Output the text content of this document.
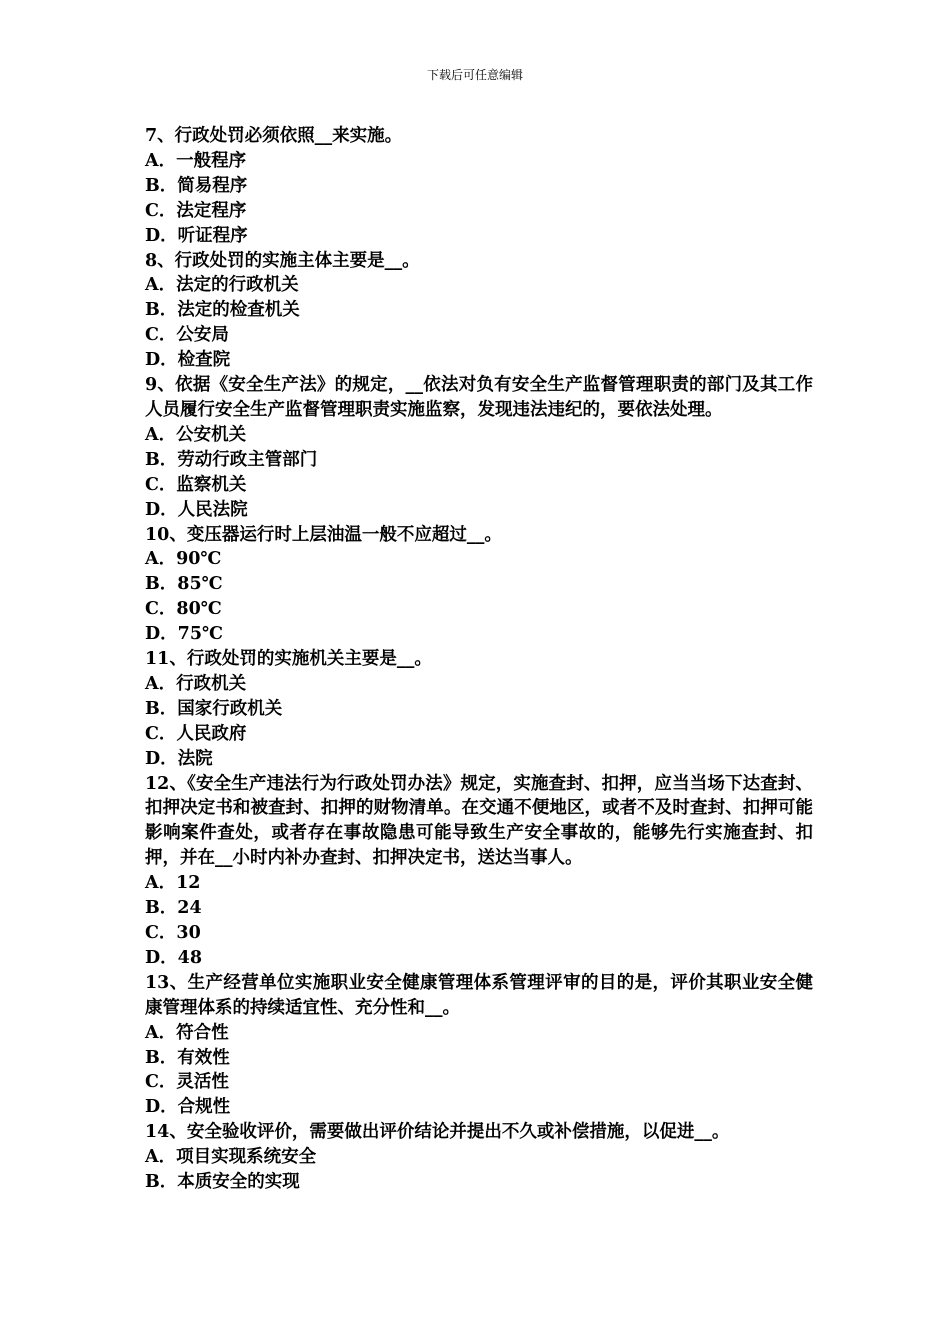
下载后可任意编辑

7、行政处罚必须依照__来实施。

A．一般程序

B．简易程序

C．法定程序

D．听证程序

8、行政处罚的实施主体主要是__。

A．法定的行政机关

B．法定的检查机关

C．公安局

D．检查院

9、依据《安全生产法》的规定，__依法对负有安全生产监督管理职责的部门及其工作人员履行安全生产监督管理职责实施监察，发现违法违纪的，要依法处理。

A．公安机关

B．劳动行政主管部门

C．监察机关

D．人民法院

10、变压器运行时上层油温一般不应超过__。

A．90℃

B．85℃

C．80℃

D．75℃

11、行政处罚的实施机关主要是__。

A．行政机关

B．国家行政机关

C．人民政府

D．法院

12、《安全生产违法行为行政处罚办法》规定，实施查封、扣押，应当当场下达查封、扣押决定书和被查封、扣押的财物清单。在交通不便地区，或者不及时查封、扣押可能影响案件查处，或者存在事故隐患可能导致生产安全事故的，能够先行实施查封、扣押，并在__小时内补办查封、扣押决定书，送达当事人。

A．12

B．24

C．30

D．48

13、生产经营单位实施职业安全健康管理体系管理评审的目的是，评价其职业安全健康管理体系的持续适宜性、充分性和__。

A．符合性

B．有效性

C．灵活性

D．合规性

14、安全验收评价，需要做出评价结论并提出不久或补偿措施，以促进__。

A．项目实现系统安全

B．本质安全的实现
